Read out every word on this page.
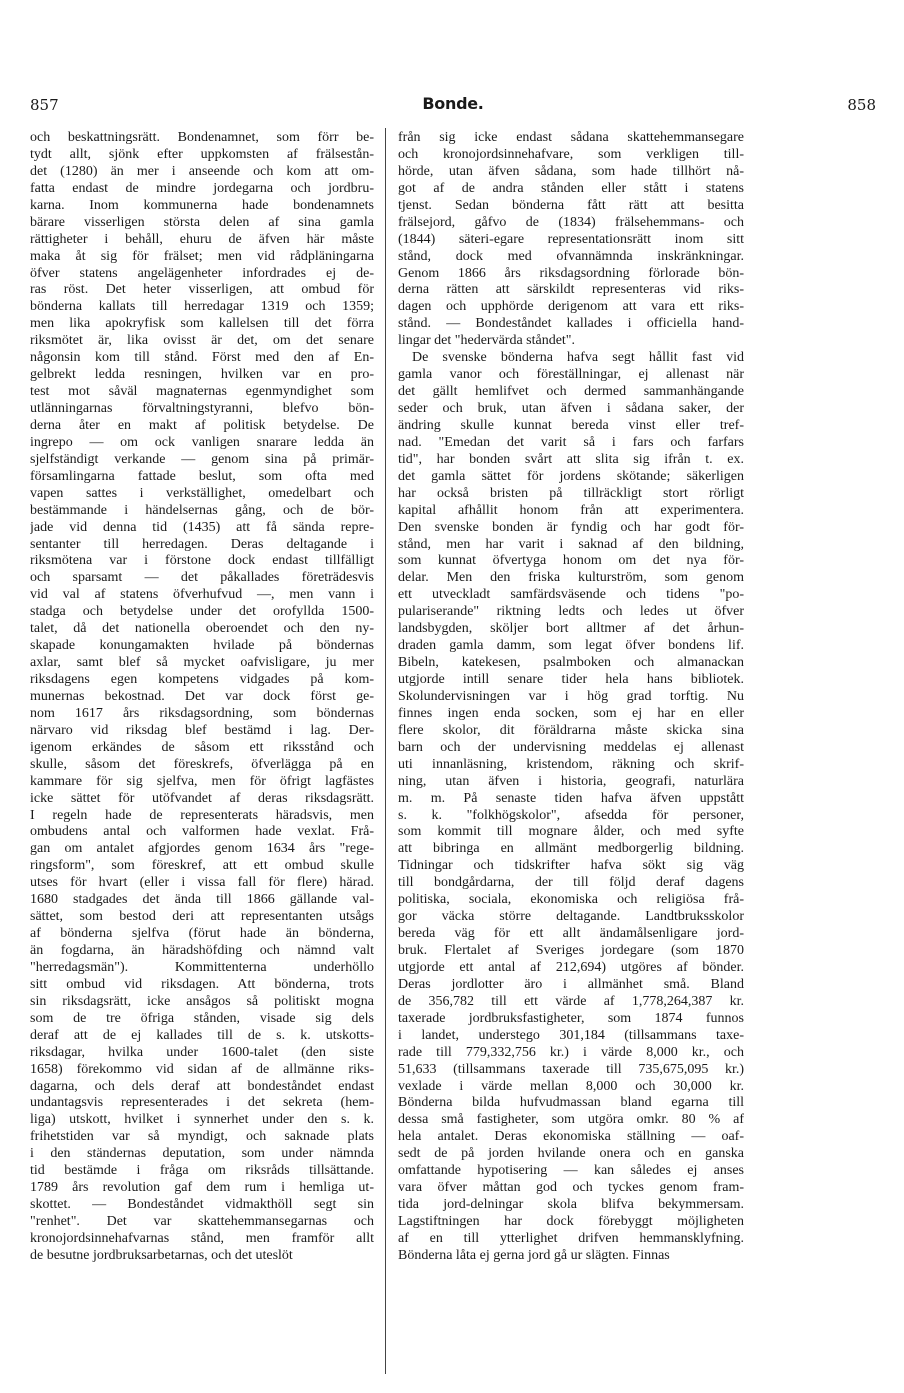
857	Bonde.	858
och beskattningsrätt. Bondenamnet, som förr be-
tydt allt, sjönk efter uppkomsten af frälsestån-
det (1280) än mer i anseende och kom att om-
fatta endast de mindre jordegarna och jordbru-
karna. Inom kommunerna hade bondenamnets
bärare visserligen största delen af sina gamla
rättigheter i behåll, ehuru de äfven här måste
maka åt sig för frälset; men vid rådpläningarna
öfver statens angelägenheter infordrades ej de-
ras röst. Det heter visserligen, att ombud för
bönderna kallats till herredagar 1319 och 1359;
men lika apokryfisk som kallelsen till det förra
riksmötet är, lika ovisst är det, om det senare
någonsin kom till stånd. Först med den af En-
gelbrekt ledda resningen, hvilken var en pro-
test mot såväl magnaternas egenmyndighet som
utlänningarnas förvaltningstyranni, blefvo bön-
derna åter en makt af politisk betydelse. De
ingrepo — om ock vanligen snarare ledda än
sjelfständigt verkande — genom sina på primär-
församlingarna fattade beslut, som ofta med
vapen sattes i verkställighet, omedelbart och
bestämmande i händelsernas gång, och de bör-
jade vid denna tid (1435) att få sända repre-
sentanter till herredagen. Deras deltagande i
riksmötena var i förstone dock endast tillfälligt
och sparsamt — det påkallades företrädesvis
vid val af statens öfverhufvud —, men vann i
stadga och betydelse under det orofyllda 1500-
talet, då det nationella oberoendet och den ny-
skapade konungamakten hvilade på böndernas
axlar, samt blef så mycket oafvisligare, ju mer
riksdagens egen kompetens vidgades på kom-
munernas bekostnad. Det var dock först ge-
nom 1617 års riksdagsordning, som böndernas
närvaro vid riksdag blef bestämd i lag. Der-
igenom erkändes de såsom ett riksstånd och
skulle, såsom det föreskrefs, öfverlägga på en
kammare för sig sjelfva, men för öfrigt lagfästes
icke sättet för utöfvandet af deras riksdagsrätt.
I regeln hade de representerats häradsvis, men
ombudens antal och valformen hade vexlat. Frå-
gan om antalet afgjordes genom 1634 års "rege-
ringsform", som föreskref, att ett ombud skulle
utses för hvart (eller i vissa fall för flere) härad.
1680 stadgades det ända till 1866 gällande val-
sättet, som bestod deri att representanten utsågs
af bönderna sjelfva (förut hade än bönderna,
än fogdarna, än häradshöfding och nämnd valt
"herredagsmän"). Kommittenterna underhöllo
sitt ombud vid riksdagen. Att bönderna, trots
sin riksdagsrätt, icke ansågos så politiskt mogna
som de tre öfriga stånden, visade sig dels
deraf att de ej kallades till de s. k. utskotts-
riksdagar, hvilka under 1600-talet (den siste
1658) förekommo vid sidan af de allmänne riks-
dagarna, och dels deraf att bondeståndet endast
undantagsvis representerades i det sekreta (hem-
liga) utskott, hvilket i synnerhet under den s. k.
frihetstiden var så myndigt, och saknade plats
i den ständernas deputation, som under nämnda
tid bestämde i fråga om riksråds tillsättande.
1789 års revolution gaf dem rum i hemliga ut-
skottet. — Bondeståndet vidmakthöll segt sin
"renhet". Det var skattehemmansegarnas och
kronojordsinnehafvarnas stånd, men framför allt
de besutne jordbruksarbetarnas, och det uteslöt
från sig icke endast sådana skattehemmansegare
och kronojordsinnehafvare, som verkligen till-
hörde, utan äfven sådana, som hade tillhört nå-
got af de andra stånden eller stått i statens
tjenst. Sedan bönderna fått rätt att besitta
frälsejord, gåfvo de (1834) frälsehemmans- och
(1844) säteri-egare representationsrätt inom sitt
stånd, dock med ofvannämnda inskränkningar.
Genom 1866 års riksdagsordning förlorade bön-
derna rätten att särskildt representeras vid riks-
dagen och upphörde derigenom att vara ett riks-
stånd. — Bondeståndet kallades i officiella hand-
lingar det "hedervärda ståndet".
De svenske bönderna hafva segt hållit fast vid
gamla vanor och föreställningar, ej allenast när
det gällt hemlifvet och dermed sammanhängande
seder och bruk, utan äfven i sådana saker, der
ändring skulle kunnat bereda vinst eller tref-
nad. "Emedan det varit så i fars och farfars
tid", har bonden svårt att slita sig ifrån t. ex.
det gamla sättet för jordens skötande; säkerligen
har också bristen på tillräckligt stort rörligt
kapital afhållit honom från att experimentera.
Den svenske bonden är fyndig och har godt för-
stånd, men har varit i saknad af den bildning,
som kunnat öfvertyga honom om det nya för-
delar. Men den friska kulturström, som genom
ett utveckladt samfärdsväsende och tidens "po-
pulariserande" riktning ledts och ledes ut öfver
landsbygden, sköljer bort alltmer af det århun-
draden gamla damm, som legat öfver bondens lif.
Bibeln, katekesen, psalmboken och almanackan
utgjorde intill senare tider hela hans bibliotek.
Skolundervisningen var i hög grad torftig. Nu
finnes ingen enda socken, som ej har en eller
flere skolor, dit föräldrarna måste skicka sina
barn och der undervisning meddelas ej allenast
uti innanläsning, kristendom, räkning och skrif-
ning, utan äfven i historia, geografi, naturlära
m. m. På senaste tiden hafva äfven uppstått
s. k. "folkhögskolor", afsedda för personer,
som kommit till mognare ålder, och med syfte
att bibringa en allmänt medborgerlig bildning.
Tidningar och tidskrifter hafva sökt sig väg
till bondgårdarna, der till följd deraf dagens
politiska, sociala, ekonomiska och religiösa frå-
gor väcka större deltagande. Landtbruksskolor
bereda väg för ett allt ändamålsenligare jord-
bruk. Flertalet af Sveriges jordegare (som 1870
utgjorde ett antal af 212,694) utgöres af bönder.
Deras jordlotter äro i allmänhet små. Bland
de 356,782 till ett värde af 1,778,264,387 kr.
taxerade jordbruksfastigheter, som 1874 funnos
i landet, understego 301,184 (tillsammans taxe-
rade till 779,332,756 kr.) i värde 8,000 kr., och
51,633 (tillsammans taxerade till 735,675,095 kr.)
vexlade i värde mellan 8,000 och 30,000 kr.
Bönderna bilda hufvudmassan bland egarna till
dessa små fastigheter, som utgöra omkr. 80 % af
hela antalet. Deras ekonomiska ställning — oaf-
sedt de på jorden hvilande onera och en ganska
omfattande hypotisering — kan således ej anses
vara öfver måttan god och tyckes genom fram-
tida jord-delningar skola blifva bekymmersam.
Lagstiftningen har dock förebyggt möjligheten
af en till ytterlighet drifven hemmansklyfning.
Bönderna låta ej gerna jord gå ur slägten. Finnas
